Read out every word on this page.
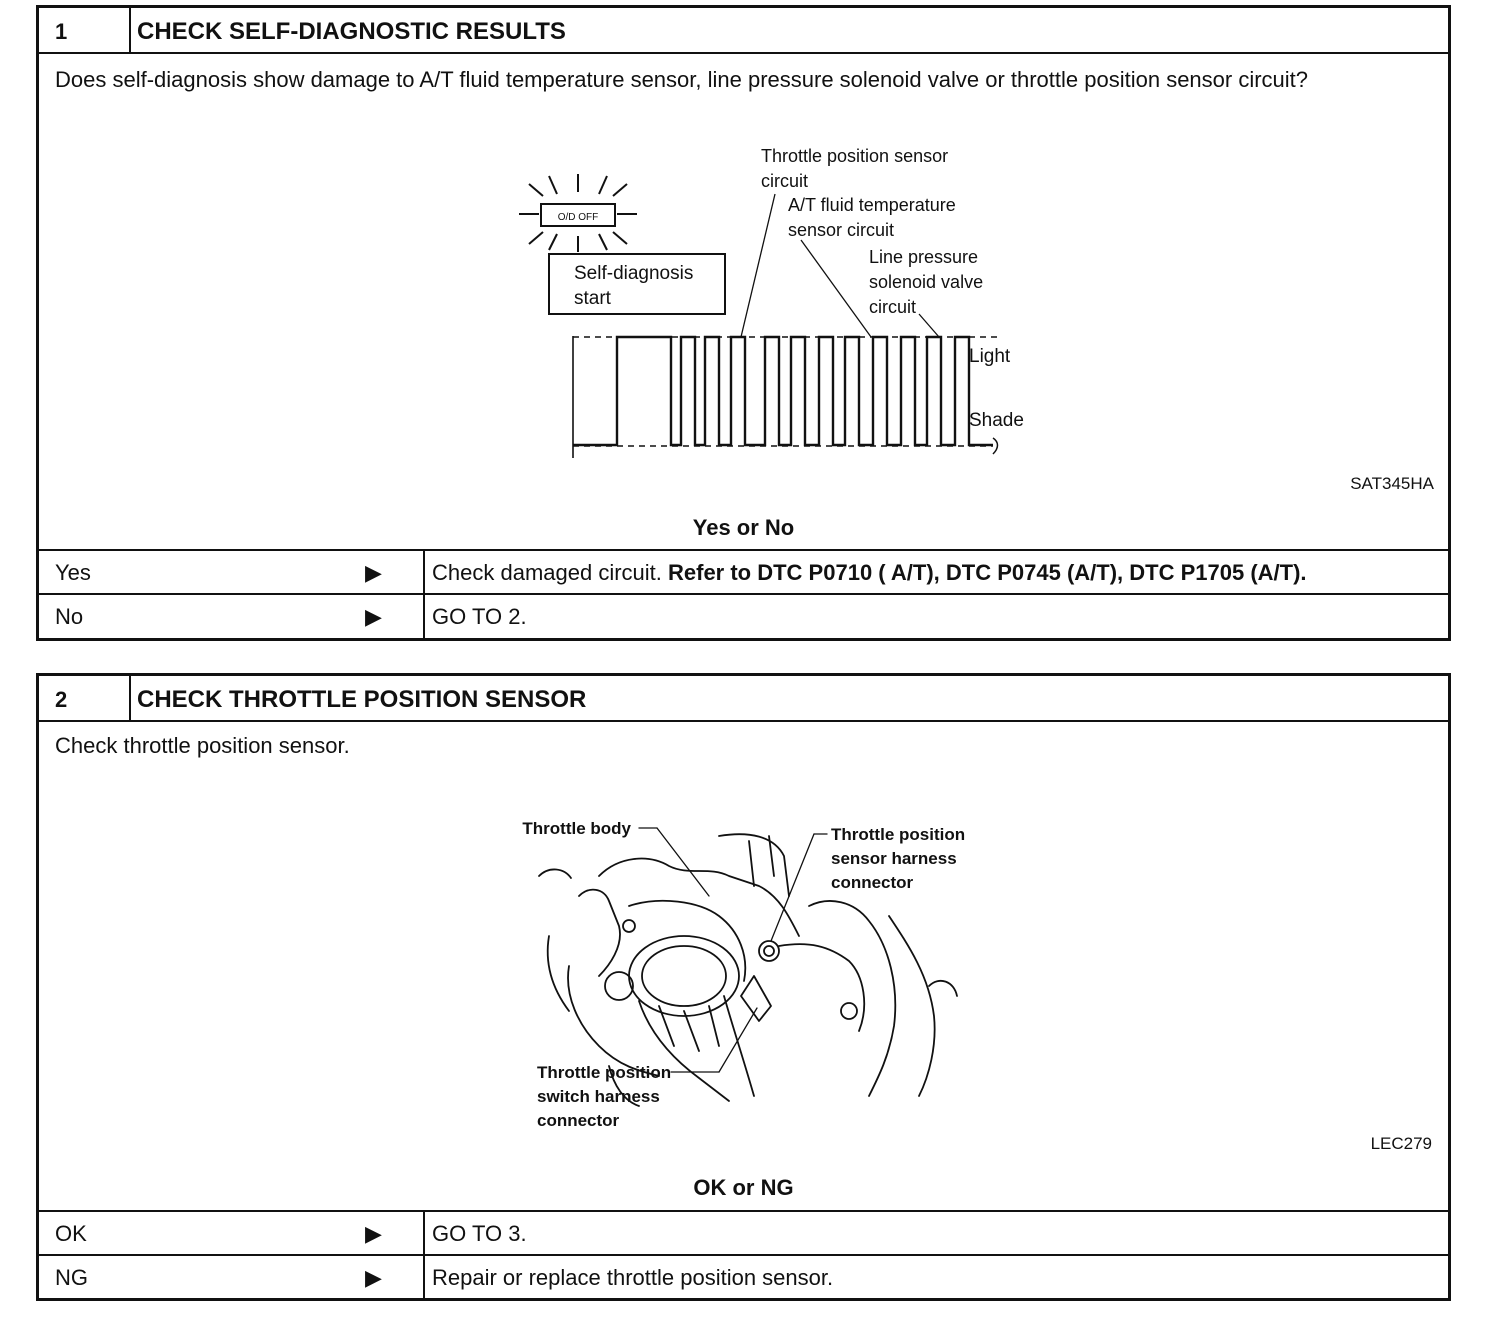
1	CHECK SELF-DIAGNOSTIC RESULTS
Does self-diagnosis show damage to A/T fluid temperature sensor, line pressure solenoid valve or throttle position sensor circuit?
O/D OFF
Self-diagnosis
start
Throttle position sensor
circuit
A/T fluid temperature
sensor circuit
Line pressure
solenoid valve
circuit
Light
Shade
SAT345HA
Yes or No
Yes	▶ Check damaged circuit. Refer to DTC P0710 ( A/T), DTC P0745 (A/T), DTC P1705 (A/T).
No	▶ GO TO 2.
2	CHECK THROTTLE POSITION SENSOR
Check throttle position sensor.
Throttle body	Throttle position
sensor harness
connector
Throttle position
switch harness
connector
LEC279
OK or NG
OK	▶ GO TO 3.
NG	▶ Repair or replace throttle position sensor.
